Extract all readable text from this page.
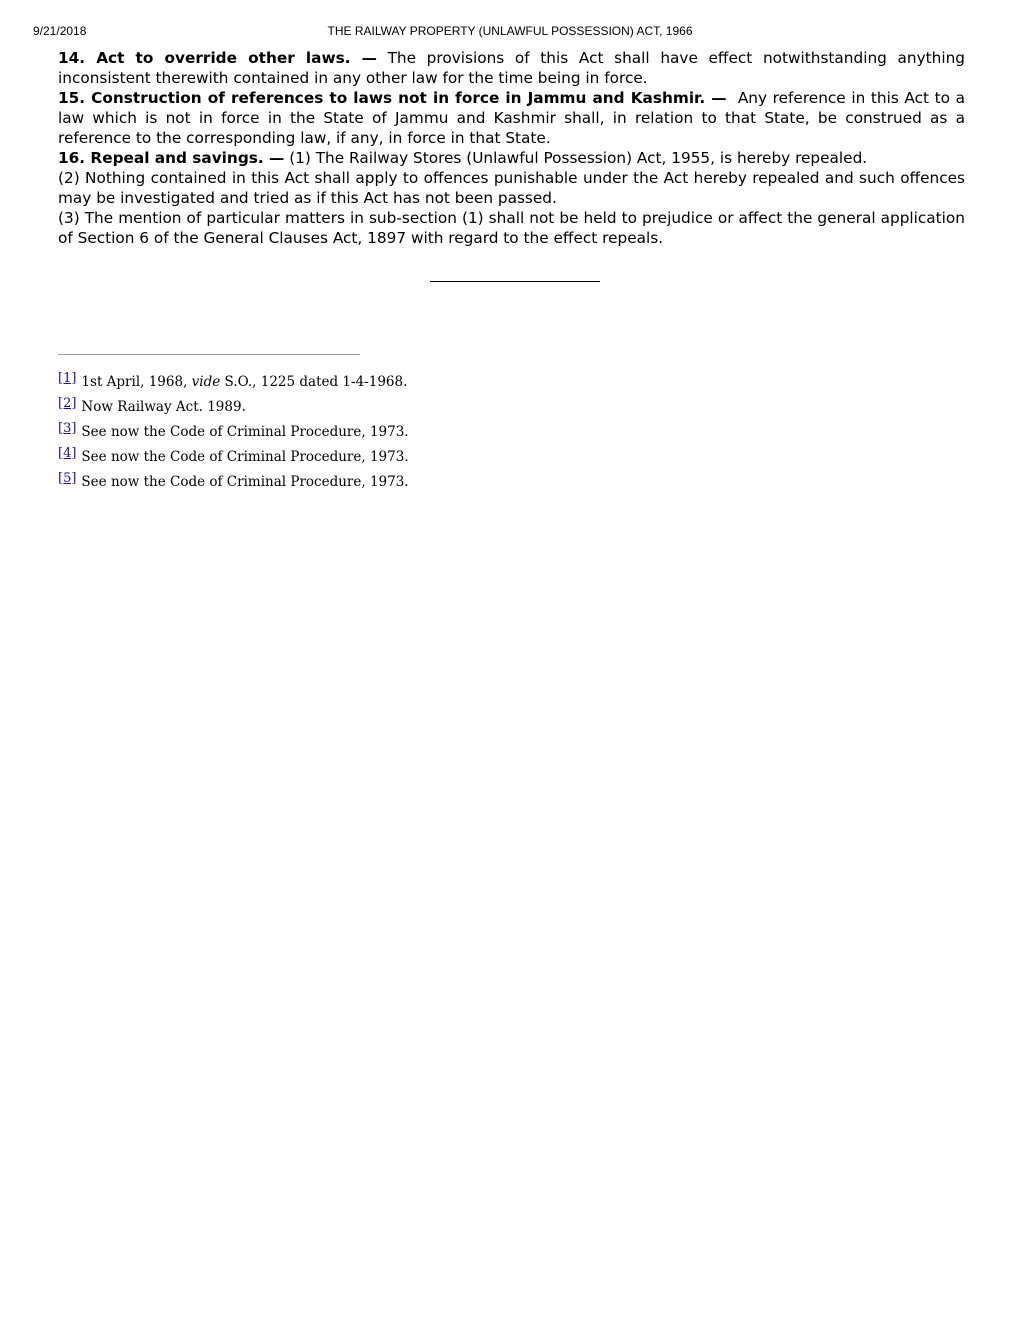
9/21/2018	THE RAILWAY PROPERTY (UNLAWFUL POSSESSION) ACT, 1966

14. Act to override other laws. — The provisions of this Act shall have effect notwithstanding anything inconsistent therewith contained in any other law for the time being in force.

15. Construction of references to laws not in force in Jammu and Kashmir. — Any reference in this Act to a law which is not in force in the State of Jammu and Kashmir shall, in relation to that State, be construed as a reference to the corresponding law, if any, in force in that State.

16. Repeal and savings. — (1) The Railway Stores (Unlawful Possession) Act, 1955, is hereby repealed.

(2) Nothing contained in this Act shall apply to offences punishable under the Act hereby repealed and such offences may be investigated and tried as if this Act has not been passed.

(3) The mention of particular matters in sub-section (1) shall not be held to prejudice or affect the general application of Section 6 of the General Clauses Act, 1897 with regard to the effect repeals.

[1] 1st April, 1968, vide S.O., 1225 dated 1-4-1968.
[2] Now Railway Act. 1989.
[3] See now the Code of Criminal Procedure, 1973.
[4] See now the Code of Criminal Procedure, 1973.
[5] See now the Code of Criminal Procedure, 1973.
